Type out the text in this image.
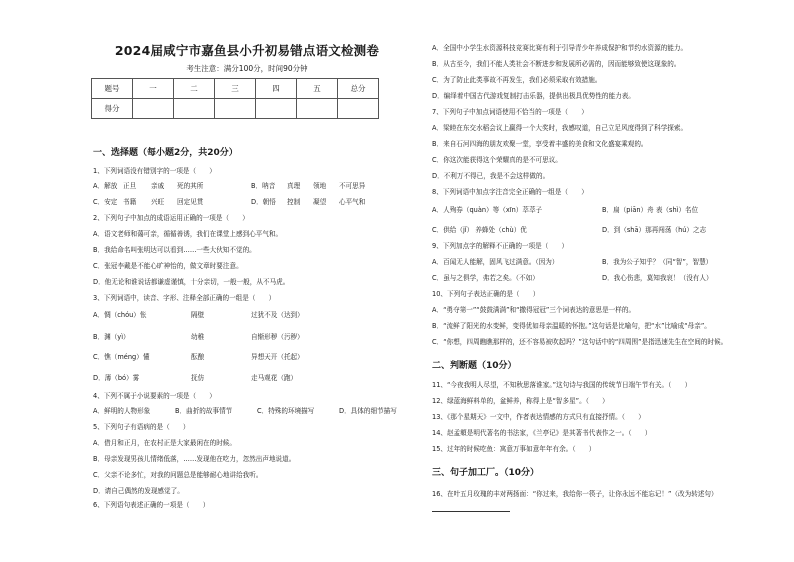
2024届咸宁市嘉鱼县小升初易错点语文检测卷
考生注意：满分100分，时间90分钟
题号	一	二	三	四	五	总分
得分						
一、选择题（每小题2分，共20分）
1、下列词语没有错别字的一项是（　　）
A．解放 正旦 亲戚 死的其所	B．呐音 真理 领地 不可思异
C．安定 书籍 兴旺 回定见贯	D．朝悟 控制 凝望 心平气和
2、下列句子中加点的成语运用正确的一项是（　　）
A．语文老师和蔼可亲，循循善诱，我们在课堂上感到心平气和。
B．我给命名叫张明达可以看到……一些大伙知不觉的。
C．张冠李戴是不能心旷神怡的，做文章时要注意。
D．他无论和谁说话都谦虚谨慎，十分亲切，一般一般，从不马虎。
3、下列词语中，读音、字形、注释全部正确的一组是（　　）
A．惆（chóu）怅	隔壁	过犹不及（达到）
B．渊（yì）	幼稚	自惭形秽（污秽）
C．憔（méng）懂	酝酿	异想天开（托起）
D．薄（bó）雾	抚仿	走马观花（跑）
4、下列不属于小说要素的一项是（　　）
A．鲜明的人物形象	B．曲折的故事情节	C．特殊的环境描写	D．具体的细节描写
5、下列句子有语病的是（　　）
A．借月和正月，在农村正是大家最闲在的时候。
B．母亲发现男孩儿情绪低落，……发现他在吃力，忽然出声地说道。
C．父亲不论多忙，对我的问题总是能够耐心地讲给我听。
D．请自己偶然的发现感觉了。
6、下列语句表述正确的一项是（　　）
A．全国中小学生水资源科技竞赛比赛有利于引导青少年养成保护和节约水资源的能力。
B．从古至今，我们不能人类社会不断进步和发展所必需的，因而能够致使这现象的。
C．为了防止此类事故不再发生，我们必须采取有效措施。
D．编绎着中国古代游戏复制打击乐器，提供出极具优势性的能力表。
7、下列句子中加点词语使用不恰当的一项是（　　）
A．梁睦在东交水稻会议上赢得一个大奖时，我感叹道，自己立足风度得到了科学探索。
B．来自石河四海的朋友欢聚一堂，享受着丰盛的美食和文化盛宴乘观的。
C．你这次能获得这个荣耀真的是不可思议。
D．不利万不得已，我是不会这样做的。
8、下列词语中加点字注音完全正确的一组是（　　）
A．人殉券（quàn）等（xīn）萃萃子	B．扁（piān）舟 表（shì）名位
C．供给（jǐ） 养蜂处（chù）优	D．到（shā）那再闯荡（hú）之志
9、下列加点字的解释不正确的一项是（　　）
A．百闻无人能解，固风飞过满意。（因为）	B．我为公子知乎？（同“智”，智慧）
C．虽与之俱学，弗若之矣。（不如）	D．我心伤悲，莫知我哀！（没有人）
10、下列句子表达正确的是（　　）
A．“勇夺第一”“鼓鼓满满”和“撒得冠冠”三个词表达的意思是一样的。
B．“流鲜了阳光的水变鲜，变得优如母亲温暖的怀抱。”这句话是比喻句，把“水”比喻成“母亲”。
C．“你想，四周瞧瞧那样的，还不容易被吹起吗？”这句话中的“四周围”是指迅速先生在空间的时候。
二、判断题（10分）
11、“今夜我明人尽望，不知秋思落谁家。”这句诗与我国的传统节日端午节有关。（　　）
12、绿蓝海鲜料单的，盆鲜养，称得上是“智多星”。（　　）
13、《那个星期天》一文中，作者表达情感的方式只有直接抒情。（　　）
14、赵孟頫是明代著名的书法家，《兰亭记》是其著书代表作之一。（　　）
15、过年的时候吃鱼：寓意万事如意年年有余。（　　）
三、句子加工厂。（10分）
16、在叶五月玫瑰的丰对两扬面：“你过来，我给你一筷子，让你永远不能忘记！”（改为转述句）
